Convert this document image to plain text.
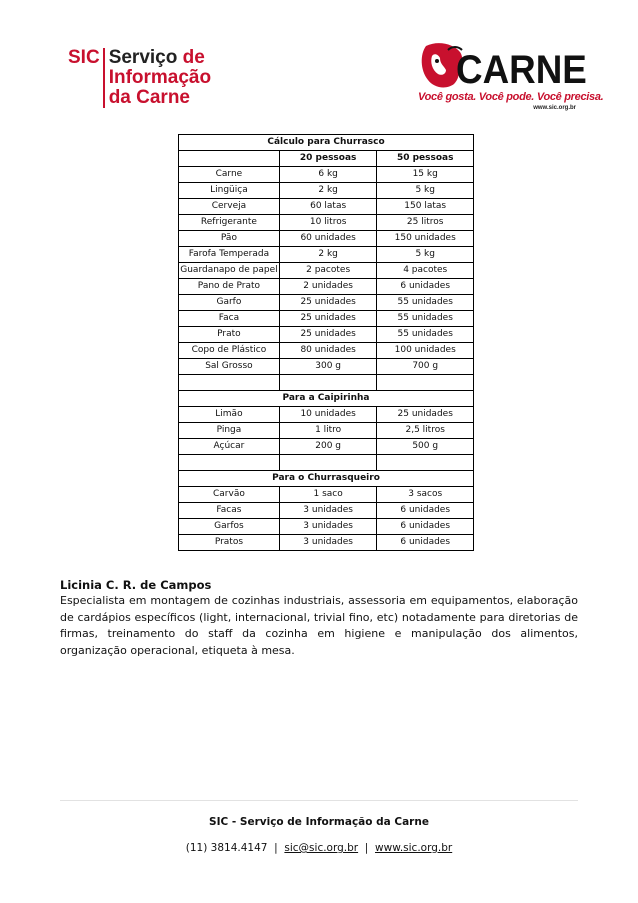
SIC Serviço de
Informação
da Carne
CARNE
Você gosta. Você pode. Você precisa.
www.sic.org.br
Cálculo para Churrasco		
	20 pessoas	50 pessoas
Carne	6 kg	15 kg
Lingüiça	2 kg	5 kg
Cerveja	60 latas	150 latas
Refrigerante	10 litros	25 litros
Pão	60 unidades	150 unidades
Farofa Temperada	2 kg	5 kg
Guardanapo de papel	2 pacotes	4 pacotes
Pano de Prato	2 unidades	6 unidades
Garfo	25 unidades	55 unidades
Faca	25 unidades	55 unidades
Prato	25 unidades	55 unidades
Copo de Plástico	80 unidades	100 unidades
Sal Grosso	300 g	700 g

Para a Caipirinha		
Limão	10 unidades	25 unidades
Pinga	1 litro	2,5 litros
Açúcar	200 g	500 g

Para o Churrasqueiro		
Carvão	1 saco	3 sacos
Facas	3 unidades	6 unidades
Garfos	3 unidades	6 unidades
Pratos	3 unidades	6 unidades
Licinia C. R. de Campos

Especialista em montagem de cozinhas industriais, assessoria em equipamentos, elaboração de cardápios específicos (light, internacional, trivial fino, etc) notadamente para diretorias de firmas, treinamento do staff da cozinha em higiene e manipulação dos alimentos, organização operacional, etiqueta à mesa.

SIC - Serviço de Informação da Carne
(11) 3814.4147 | sic@sic.org.br | www.sic.org.br
